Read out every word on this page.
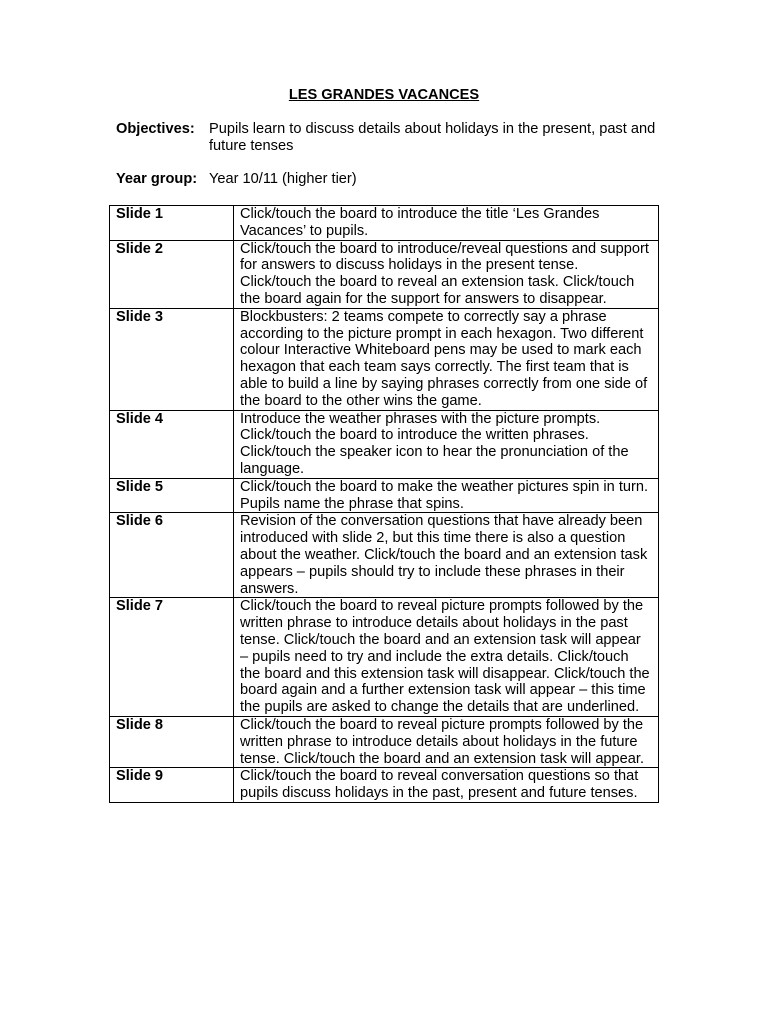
LES GRANDES VACANCES
Objectives: Pupils learn to discuss details about holidays in the present, past and future tenses
Year group: Year 10/11 (higher tier)
Slide 1	Click/touch the board to introduce the title ‘Les Grandes Vacances’ to pupils.
Slide 2	Click/touch the board to introduce/reveal questions and support for answers to discuss holidays in the present tense. Click/touch the board to reveal an extension task. Click/touch the board again for the support for answers to disappear.
Slide 3	Blockbusters: 2 teams compete to correctly say a phrase according to the picture prompt in each hexagon. Two different colour Interactive Whiteboard pens may be used to mark each hexagon that each team says correctly. The first team that is able to build a line by saying phrases correctly from one side of the board to the other wins the game.
Slide 4	Introduce the weather phrases with the picture prompts. Click/touch the board to introduce the written phrases. Click/touch the speaker icon to hear the pronunciation of the language.
Slide 5	Click/touch the board to make the weather pictures spin in turn. Pupils name the phrase that spins.
Slide 6	Revision of the conversation questions that have already been introduced with slide 2, but this time there is also a question about the weather. Click/touch the board and an extension task appears – pupils should try to include these phrases in their answers.
Slide 7	Click/touch the board to reveal picture prompts followed by the written phrase to introduce details about holidays in the past tense. Click/touch the board and an extension task will appear – pupils need to try and include the extra details. Click/touch the board and this extension task will disappear. Click/touch the board again and a further extension task will appear – this time the pupils are asked to change the details that are underlined.
Slide 8	Click/touch the board to reveal picture prompts followed by the written phrase to introduce details about holidays in the future tense. Click/touch the board and an extension task will appear.
Slide 9	Click/touch the board to reveal conversation questions so that pupils discuss holidays in the past, present and future tenses.
